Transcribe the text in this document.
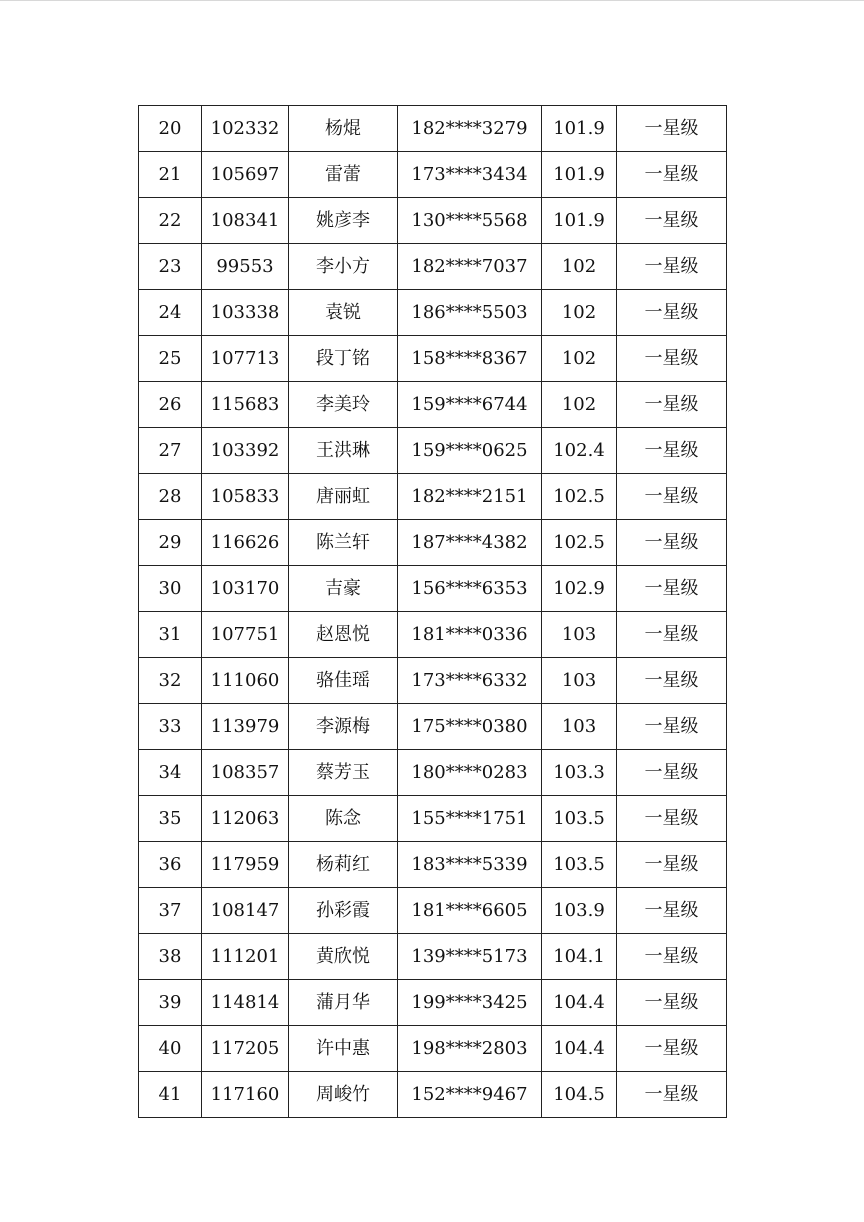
20	102332	杨焜	182****3279	101.9	一星级
21	105697	雷蕾	173****3434	101.9	一星级
22	108341	姚彦李	130****5568	101.9	一星级
23	99553	李小方	182****7037	102	一星级
24	103338	袁锐	186****5503	102	一星级
25	107713	段丁铭	158****8367	102	一星级
26	115683	李美玲	159****6744	102	一星级
27	103392	王洪琳	159****0625	102.4	一星级
28	105833	唐丽虹	182****2151	102.5	一星级
29	116626	陈兰轩	187****4382	102.5	一星级
30	103170	吉豪	156****6353	102.9	一星级
31	107751	赵恩悦	181****0336	103	一星级
32	111060	骆佳瑶	173****6332	103	一星级
33	113979	李源梅	175****0380	103	一星级
34	108357	蔡芳玉	180****0283	103.3	一星级
35	112063	陈念	155****1751	103.5	一星级
36	117959	杨莉红	183****5339	103.5	一星级
37	108147	孙彩霞	181****6605	103.9	一星级
38	111201	黄欣悦	139****5173	104.1	一星级
39	114814	蒲月华	199****3425	104.4	一星级
40	117205	许中惠	198****2803	104.4	一星级
41	117160	周峻竹	152****9467	104.5	一星级
